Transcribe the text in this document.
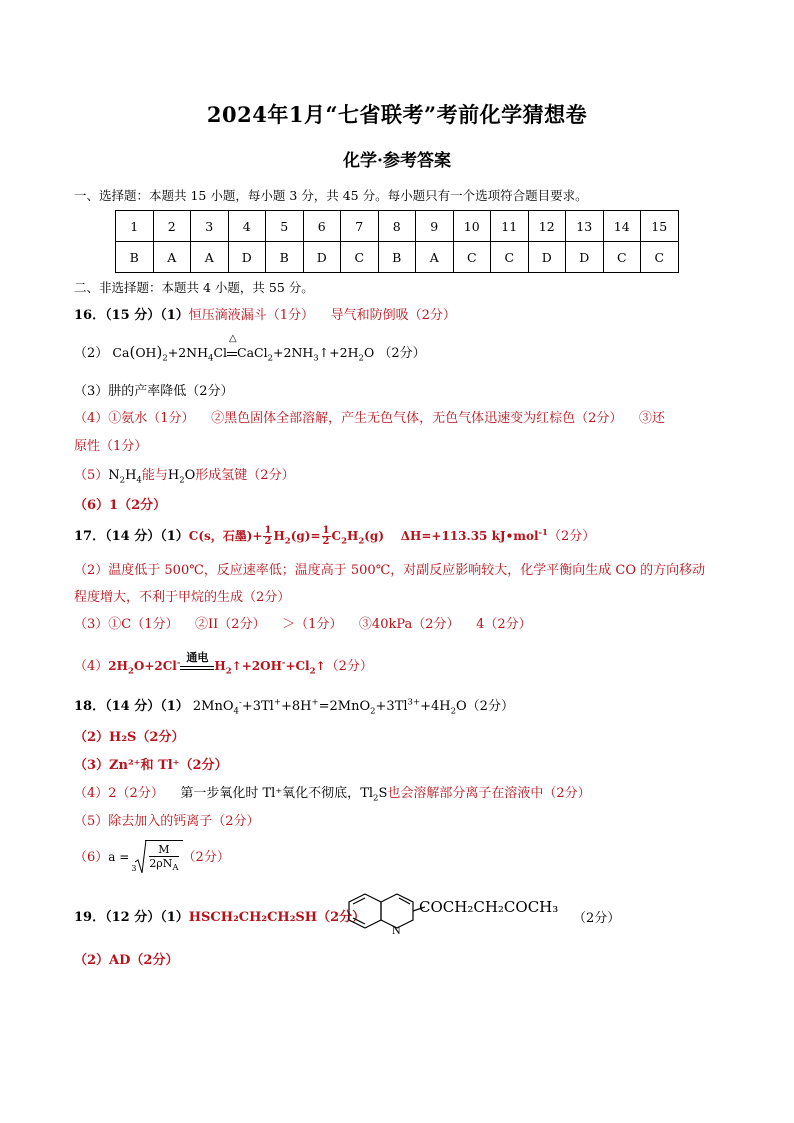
2024年1月“七省联考”考前化学猜想卷
化学·参考答案
一、选择题：本题共 15 小题，每小题 3 分，共 45 分。每小题只有一个选项符合题目要求。
1	2	3	4	5	6	7	8	9	10	11	12	13	14	15
B	A	A	D	B	D	C	B	A	C	C	D	D	C	C
二、非选择题：本题共 4 小题，共 55 分。
16．（15 分）（1）恒压滴液漏斗（1分） 导气和防倒吸（2分）
（2） $Ca(OH)_2+2NH_4Cl$
△
$CaCl_2+2NH_3↑+2H_2O$ （2分）
（3）肼的产率降低（2分）
（4）①氨水（1分） ②黑色固体全部溶解，产生无色气体，无色气体迅速变为红棕色（2分） ③还
原性（1分）
$(5)N_2H_4$能与$H_2O$形成氢键（2分）
（6）1（2分）
17．（14 分）（1）C(s，石墨)+ $\frac{1}{2} H_2(g)= \frac{1}{2} C_2H_2(g)$    ΔH=+113.35 kJ•mol$^{-1}$（2分）
（2）温度低于 500℃，反应速率低；温度高于 500℃，对副反应影响较大，化学平衡向生成 CO 的方向移动
程度增大，不利于甲烷的生成（2分）
（3）①C（1分） ②II（2分） ＞（1分） ③40kPa（2分） 4（2分）
$(4)2H_2O+2Cl^-$ 通电
$H_2↑+2OH^-+Cl_2↑(2$分）
18．（14 分）（1） $2MnO_4^-+3Tl^++8H^+=2MnO_2+3Tl^{3+}+4H_2O(2$分）
（2）H₂S（2分）
（3）Zn²⁺和 Tl⁺（2分）
（4）2（2分） 第一步氧化时 Tl⁺氧化不彻底，$Tl_2S$也会溶解部分离子在溶液中（2分）
（5）除去加入的钙离子（2分）
（6）a =
3
M
$2\rho N_A$
（2分）
19．（12 分）（1）HSCH₂CH₂CH₂SH（2分）
N
COCH₂CH₂COCH₃
（2分）
（2）AD（2分）
